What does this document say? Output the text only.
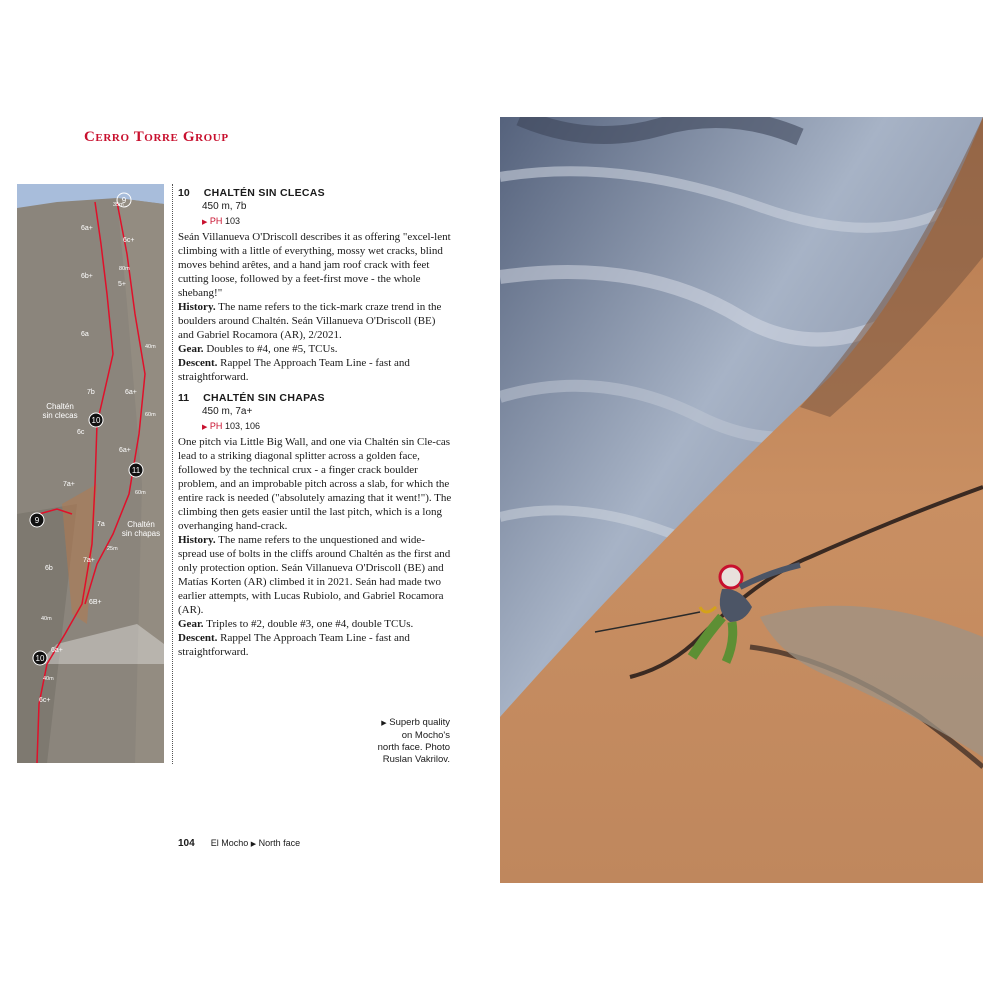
Cerro Torre Group
10
9
11
9
10
6a+
6c+
6b+
5+
6a
6a+
7b
6c
6a+
7a+
7a
7a+
6b
6B+
6a+
6c+
35m
80m
40m
60m
60m
25m
40m
40m
Chaltén
sin clecas
Chaltén
sin chapas
10 CHALTÉN SIN CLECAS
450 m, 7b
▶ PH 103

Seán Villanueva O'Driscoll describes it as offering "excel-lent climbing with a little of everything, mossy wet cracks, blind moves behind arêtes, and a hand jam roof crack with feet cutting loose, followed by a feet-first move - the whole shebang!"

History. The name refers to the tick-mark craze trend in the boulders around Chaltén. Seán Villanueva O'Driscoll (BE) and Gabriel Rocamora (AR), 2/2021.

Gear. Doubles to #4, one #5, TCUs.

Descent. Rappel The Approach Team Line - fast and straightforward.

11 CHALTÉN SIN CHAPAS
450 m, 7a+
▶ PH 103, 106

One pitch via Little Big Wall, and one via Chaltén sin Cle-cas lead to a striking diagonal splitter across a golden face, followed by the technical crux - a finger crack boulder problem, and an improbable pitch across a slab, for which the entire rack is needed ("absolutely amazing that it went!"). The climbing then gets easier until the last pitch, which is a long overhanging hand-crack.

History. The name refers to the unquestioned and wide-spread use of bolts in the cliffs around Chaltén as the first and only protection option. Seán Villanueva O'Driscoll (BE) and Matías Korten (AR) climbed it in 2021. Seán had made two earlier attempts, with Lucas Rubiolo, and Gabriel Rocamora (AR).

Gear. Triples to #2, double #3, one #4, double TCUs.

Descent. Rappel The Approach Team Line - fast and straightforward.

▶ Superb quality
on Mocho's
north face. Photo
Ruslan Vakrilov.
104 El Mocho ▶ North face
